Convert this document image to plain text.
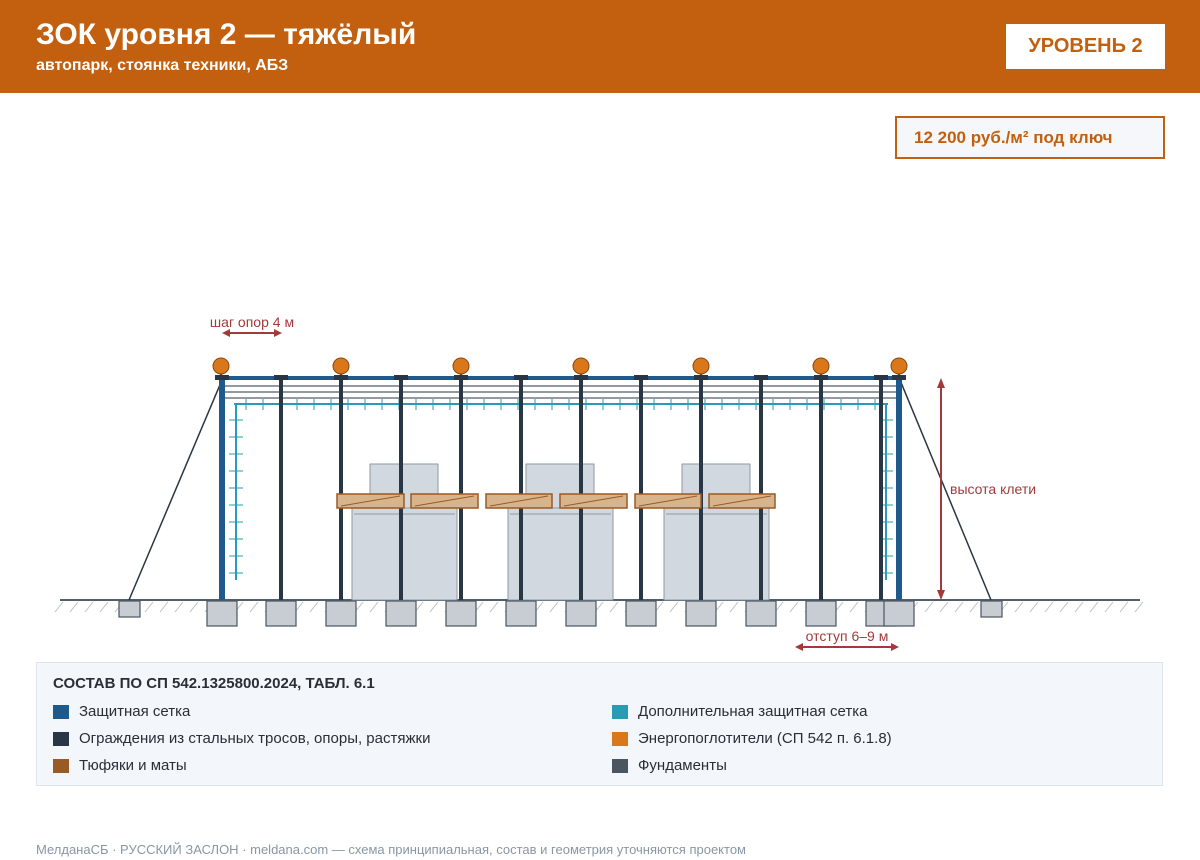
ЗОК уровня 2 — тяжёлый
автопарк, стоянка техники, АБЗ
УРОВЕНЬ 2
12 200 руб./м² под ключ
шаг опор 4 м
высота клети
отступ 6–9 м
СОСТАВ ПО СП 542.1325800.2024, ТАБЛ. 6.1
Защитная сетка
Ограждения из стальных тросов, опоры, растяжки
Тюфяки и маты
Дополнительная защитная сетка
Энергопоглотители (СП 542 п. 6.1.8)
Фундаменты
МелданаСБ · РУССКИЙ ЗАСЛОН · meldana.com — схема принципиальная, состав и геометрия уточняются проектом
